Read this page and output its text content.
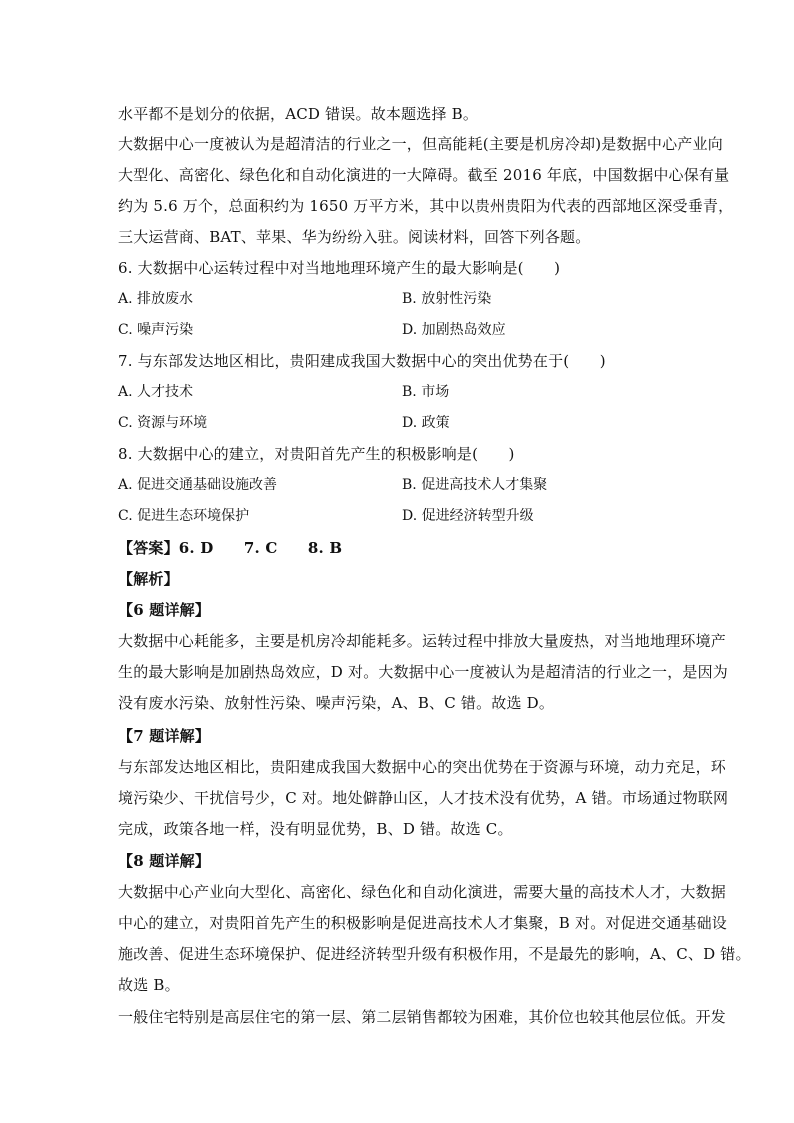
水平都不是划分的依据，ACD 错误。故本题选择 B。
大数据中心一度被认为是超清洁的行业之一，但高能耗(主要是机房冷却)是数据中心产业向
大型化、高密化、绿色化和自动化演进的一大障碍。截至 2016 年底，中国数据中心保有量
约为 5.6 万个，总面积约为 1650 万平方米，其中以贵州贵阳为代表的西部地区深受垂青，
三大运营商、BAT、苹果、华为纷纷入驻。阅读材料，回答下列各题。
6. 大数据中心运转过程中对当地地理环境产生的最大影响是(　　)
A. 排放废水	B. 放射性污染
C. 噪声污染	D. 加剧热岛效应
7. 与东部发达地区相比，贵阳建成我国大数据中心的突出优势在于(　　)
A. 人才技术	B. 市场
C. 资源与环境	D. 政策
8. 大数据中心的建立，对贵阳首先产生的积极影响是(　　)
A. 促进交通基础设施改善	B. 促进高技术人才集聚
C. 促进生态环境保护	D. 促进经济转型升级
【答案】6. D　　7. C　　8. B
【解析】
【6 题详解】
大数据中心耗能多，主要是机房冷却能耗多。运转过程中排放大量废热，对当地地理环境产
生的最大影响是加剧热岛效应，D 对。大数据中心一度被认为是超清洁的行业之一，是因为
没有废水污染、放射性污染、噪声污染，A、B、C 错。故选 D。
【7 题详解】
与东部发达地区相比，贵阳建成我国大数据中心的突出优势在于资源与环境，动力充足，环
境污染少、干扰信号少，C 对。地处僻静山区，人才技术没有优势，A 错。市场通过物联网
完成，政策各地一样，没有明显优势，B、D 错。故选 C。
【8 题详解】
大数据中心产业向大型化、高密化、绿色化和自动化演进，需要大量的高技术人才，大数据
中心的建立，对贵阳首先产生的积极影响是促进高技术人才集聚，B 对。对促进交通基础设
施改善、促进生态环境保护、促进经济转型升级有积极作用，不是最先的影响，A、C、D 错。
故选 B。
一般住宅特别是高层住宅的第一层、第二层销售都较为困难，其价位也较其他层位低。开发
